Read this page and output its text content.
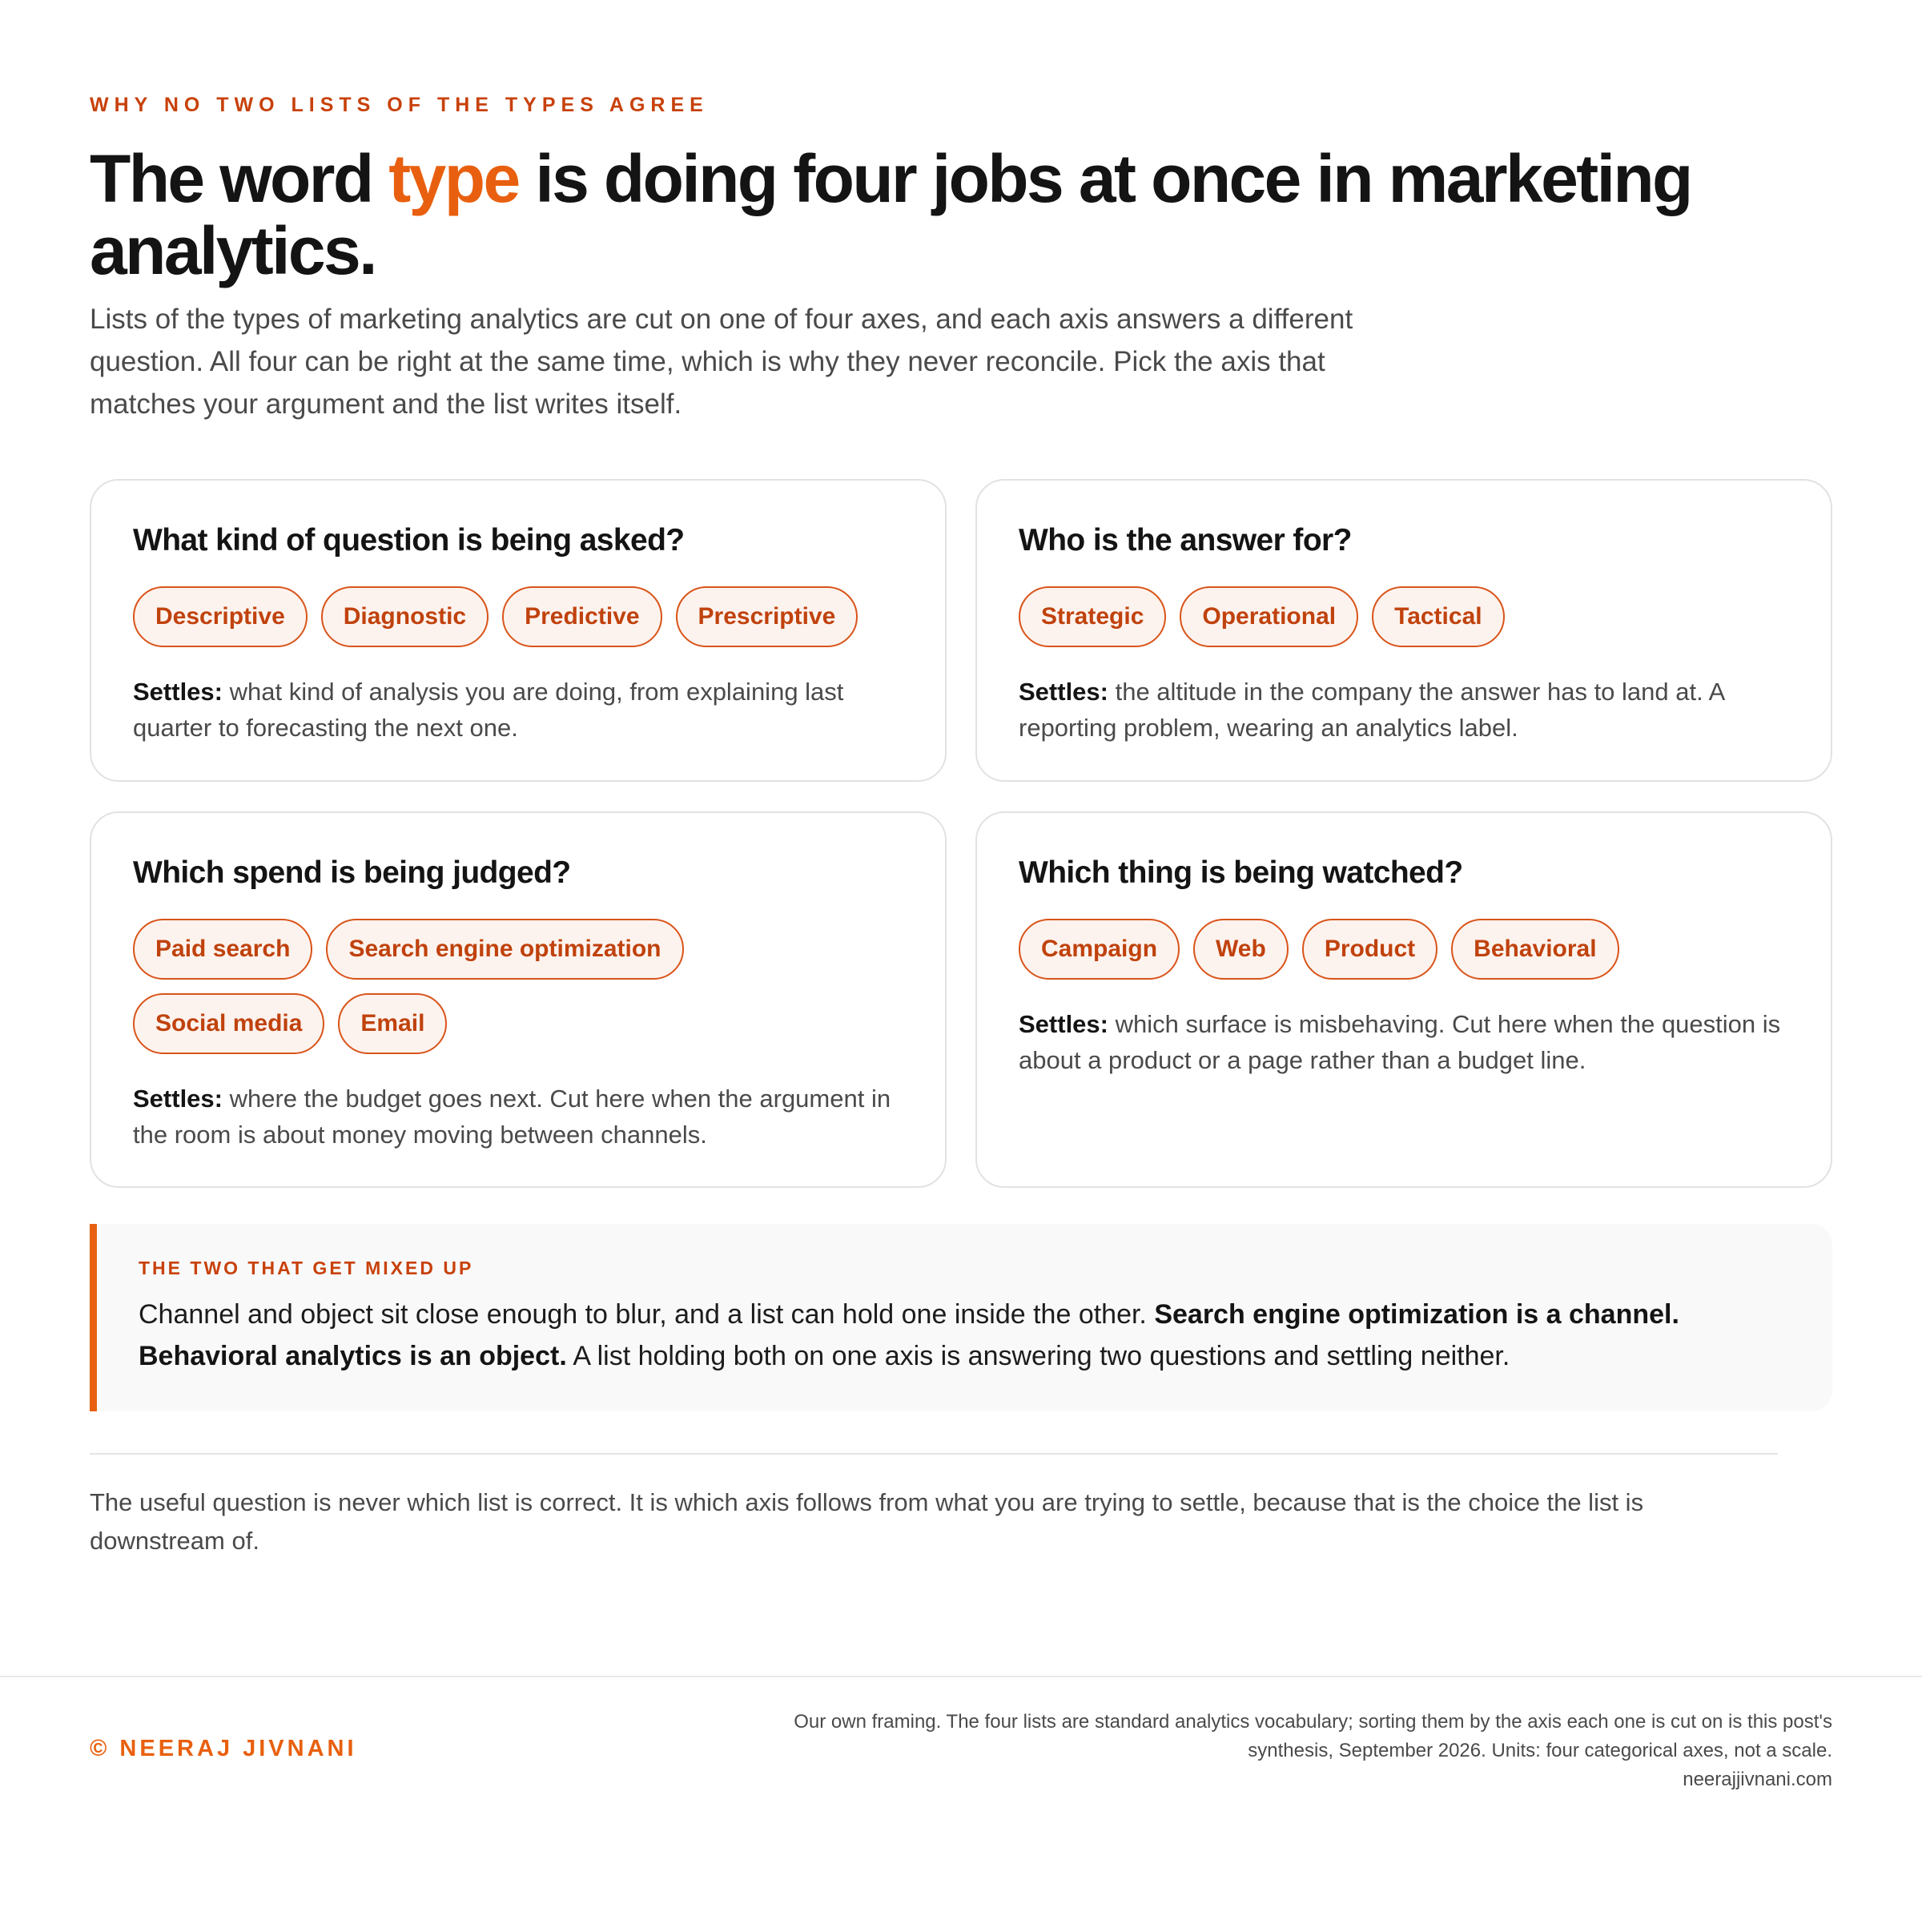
WHY NO TWO LISTS OF THE TYPES AGREE
The word type is doing four jobs at once in marketing analytics.

Lists of the types of marketing analytics are cut on one of four axes, and each axis answers a different question. All four can be right at the same time, which is why they never reconcile. Pick the axis that matches your argument and the list writes itself.

What kind of question is being asked?
Descriptive	Diagnostic	Predictive	Prescriptive

Settles: what kind of analysis you are doing, from explaining last quarter to forecasting the next one.

Who is the answer for?
Strategic	Operational	Tactical

Settles: the altitude in the company the answer has to land at. A reporting problem, wearing an analytics label.

Which spend is being judged?
Paid search	Search engine optimization
Social media	Email

Settles: where the budget goes next. Cut here when the argument in the room is about money moving between channels.

Which thing is being watched?
Campaign	Web	Product	Behavioral

Settles: which surface is misbehaving. Cut here when the question is about a product or a page rather than a budget line.

THE TWO THAT GET MIXED UP

Channel and object sit close enough to blur, and a list can hold one inside the other. Search engine optimization is a channel. Behavioral analytics is an object. A list holding both on one axis is answering two questions and settling neither.

The useful question is never which list is correct. It is which axis follows from what you are trying to settle, because that is the choice the list is downstream of.

© NEERAJ JIVNANI
Our own framing. The four lists are standard analytics vocabulary; sorting them by the axis each one is cut on is this post's synthesis, September 2026. Units: four categorical axes, not a scale.
neerajjivnani.com
